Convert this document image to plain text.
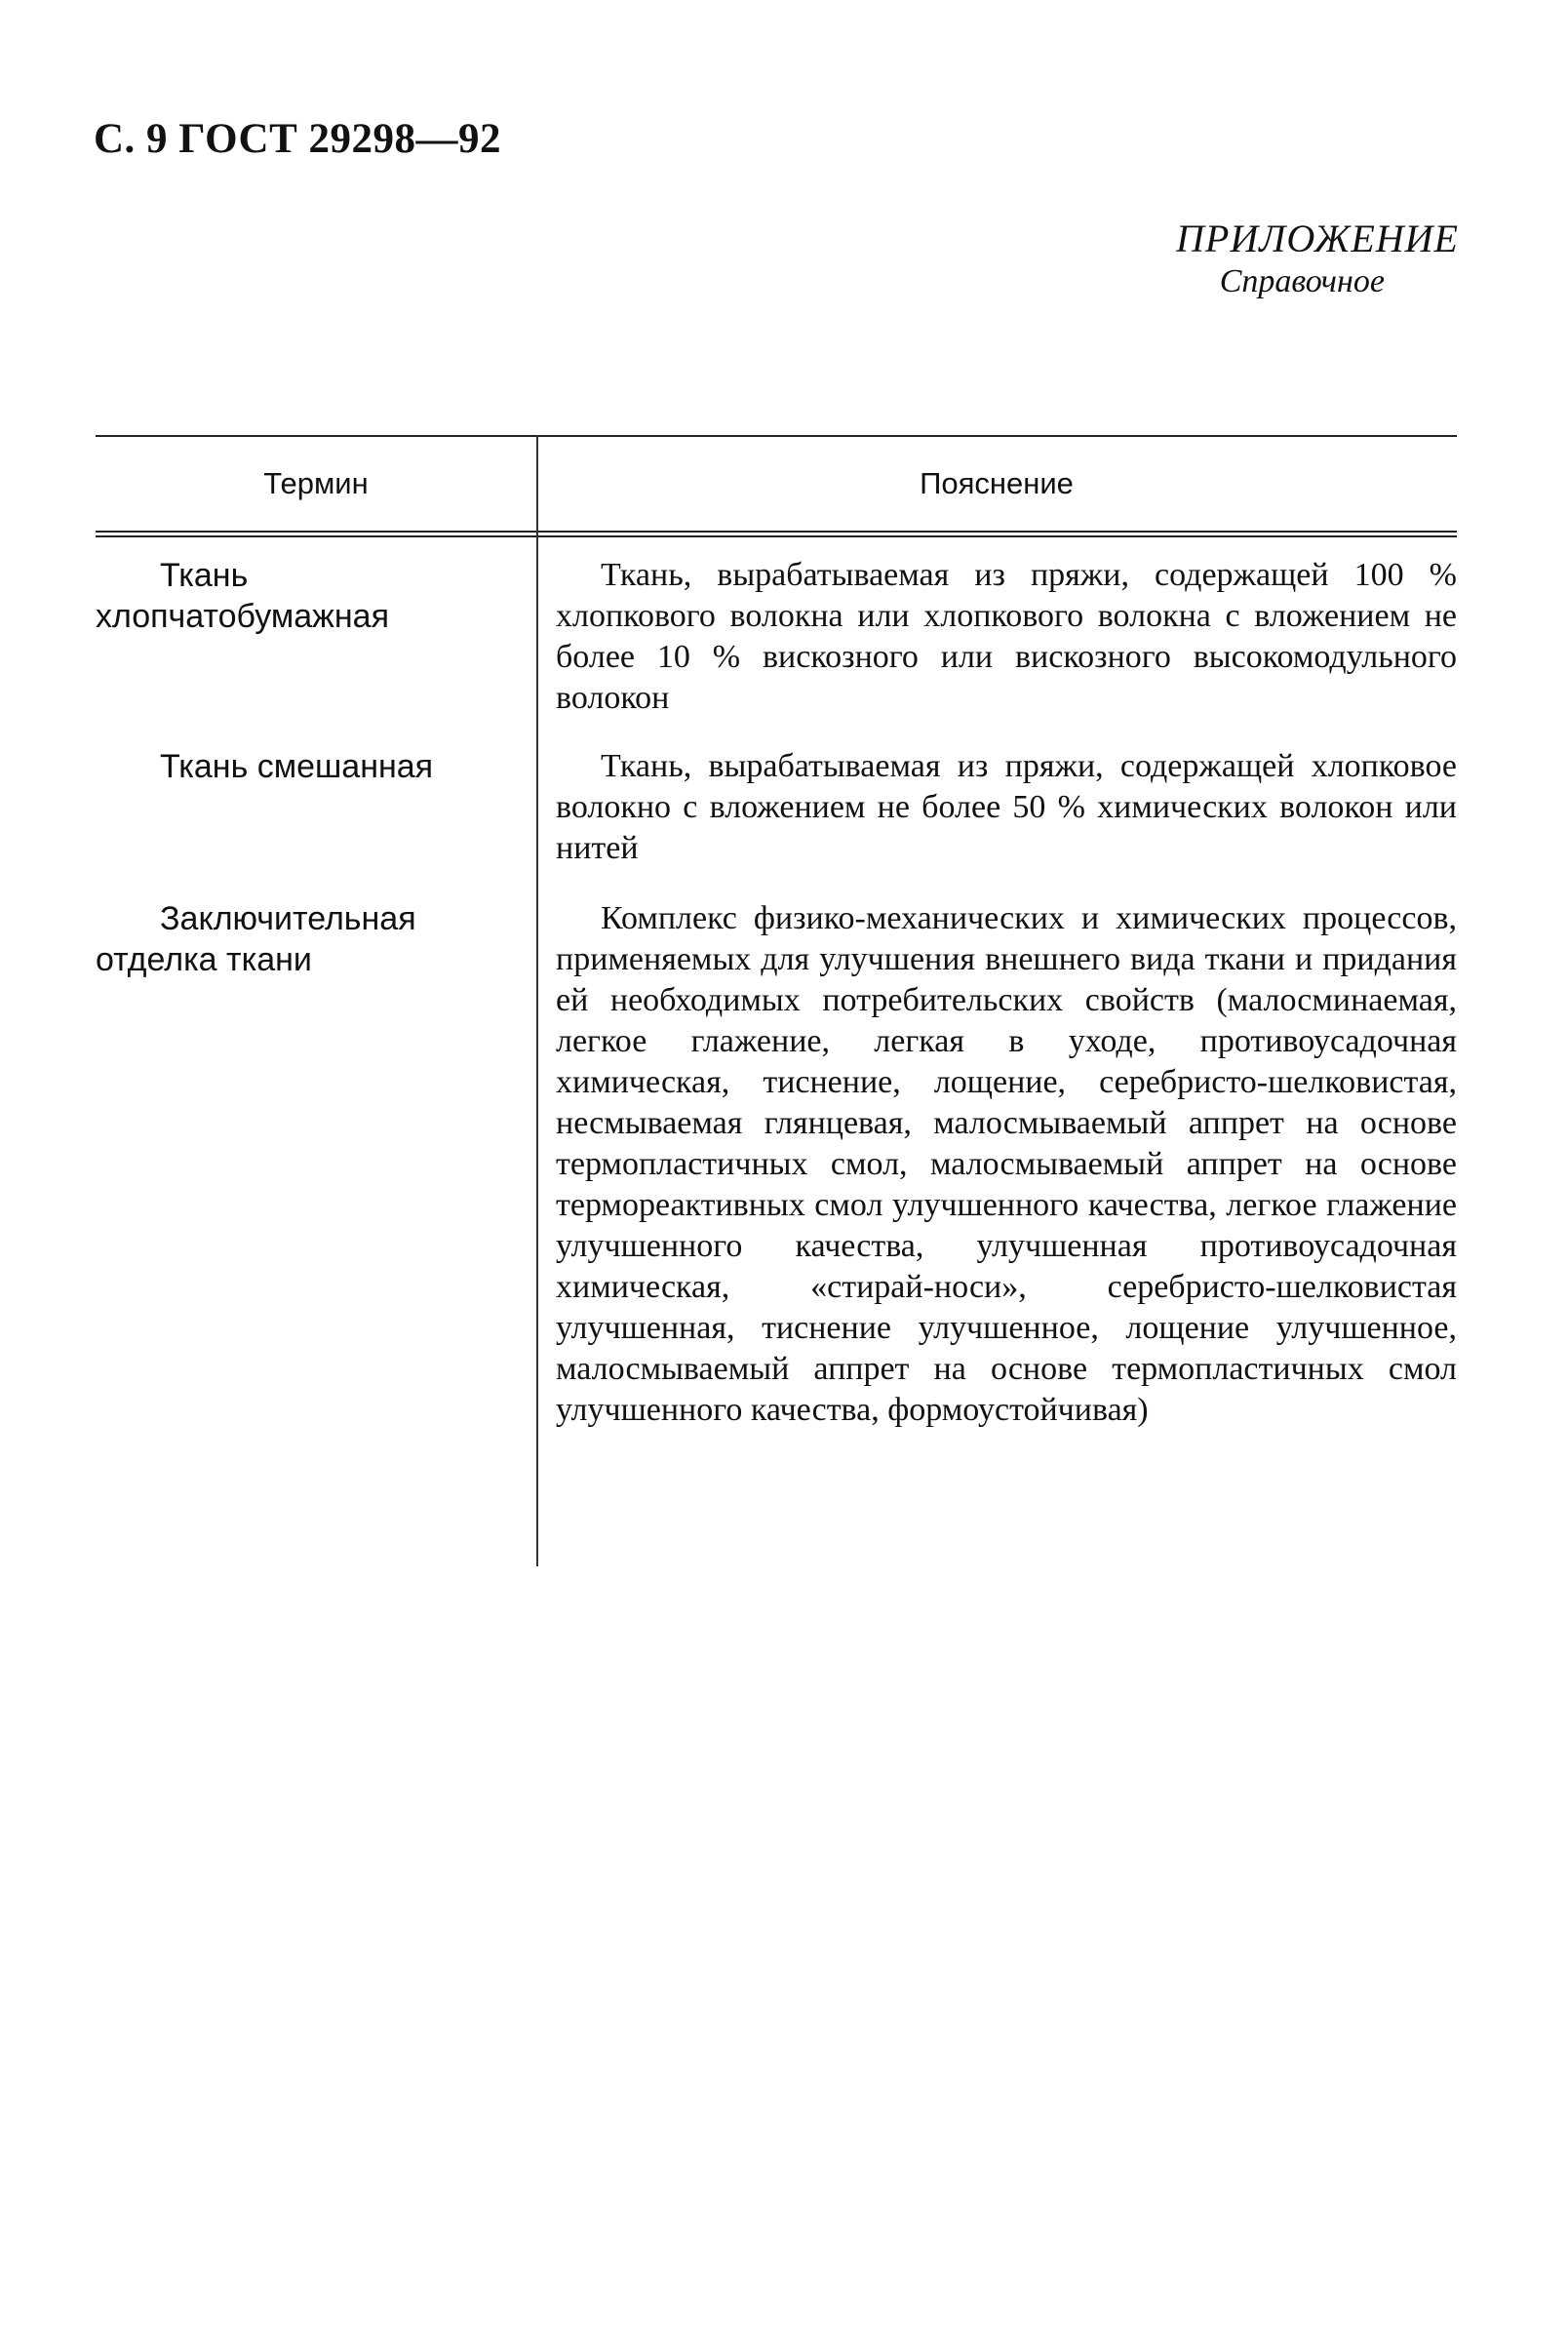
С. 9 ГОСТ 29298—92
ПРИЛОЖЕНИЕ
Справочное
Термин	Пояснение
Ткань хлопчатобумажная
Ткань, вырабатываемая из пряжи, содержащей 100 % хлопкового волокна или хлопкового волокна с вложением не более 10 % вискозного или вискозного высокомодульного волокон
Ткань смешанная	Ткань, вырабатываемая из пряжи, содержащей хлопковое волокно с вложением не более 50 % химических волокон или нитей
Заключительная отделка ткани
Комплекс физико-механических и химических процессов, применяемых для улучшения внешнего вида ткани и придания ей необходимых потребительских свойств (малосминаемая, легкое глажение, легкая в уходе, противоусадочная химическая, тиснение, лощение, серебристо-шелковистая, несмываемая глянцевая, малосмываемый аппрет на основе термопластичных смол, малосмываемый аппрет на основе термореактивных смол улучшенного качества, легкое глажение улучшенного качества, улучшенная противоусадочная химическая, «стирай-носи», серебристо-шелковистая улучшенная, тиснение улучшенное, лощение улучшенное, малосмываемый аппрет на основе термопластичных смол улучшенного качества, формоустойчивая)
